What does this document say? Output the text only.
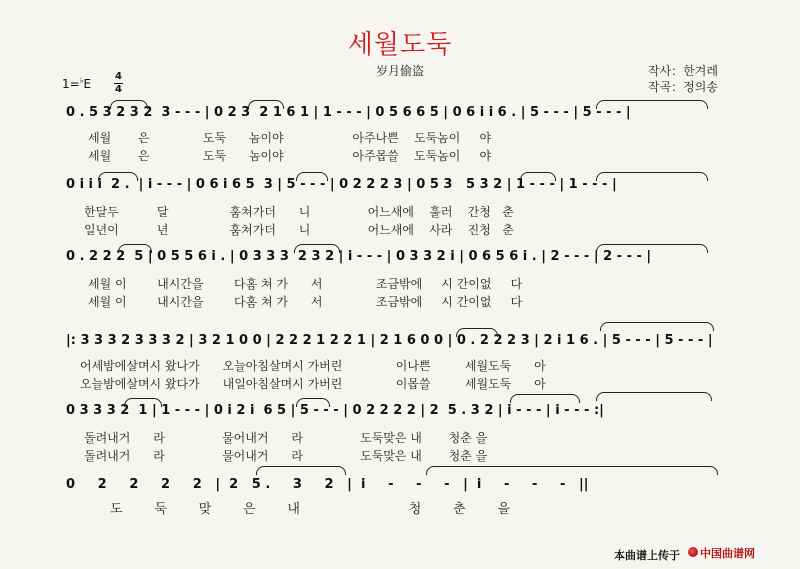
세월도둑
岁月偷盗	작사：한겨레
작곡：정의송
1=♭E
4
4
0 . 5 3 2 3 2  3 - - - | 0 2 3  2 1 6 1 | 1 - - - | 0 5 6 6 5 | 0 6 i i 6 . | 5 - - - | 5 - - - |
세월       은              도둑      놈이야                  아주나쁜    도둑놈이     야
세월       은              도둑      놈이야                  아주몹쓸    도둑놈이     야
0 i i i  2 .  | i - - - | 0 6 i 6 5  3 | 5 - - - | 0 2 2 2 3 | 0 5 3   5 3 2 | 1 - - - | 1 - - - |
한달두          달                훔쳐가더      니               어느새에    훌러    간청   춘
일년이          년                훔쳐가더      니               어느새에    사라    진청   춘
0 . 2 2 2  5 | 0 5 5 6 i . | 0 3 3 3  2 3 2 | i - - - | 0 3 3 2 i | 0 6 5 6 i . | 2 - - - | 2 - - - |
세월 이        내시간을        다홈 쳐 가      서              조금밖에     시 간이없     다
세월 이        내시간을        다홈 쳐 가      서              조금밖에     시 간이없     다
|: 3 3 3 2 3 3 3 2 | 3 2 1 0 0 | 2 2 2 1 2 2 1 | 2 1 6 0 0 | 0 . 2 2 2 3 | 2 i 1 6 . | 5 - - - | 5 - - - |
어세밤에살며시 왔나가      오늘아침살며시 가버린              이나쁜         세월도둑      아
오늘밤에살며시 왔다가      내일아침살며시 가버린              이몹쓸         세월도둑      아
0 3 3 3 2  1 | 1 - - - | 0 i 2 i  6 5 | 5 - - - | 0 2 2 2 2 | 2  5 . 3 2 | i - - - | i - - - :|
돌려내거      라               물어내거      라               도둑맞은 내       청춘 을
돌려내거      라               물어내거      라               도둑맞은 내       청춘 을
0     2     2     2     2   |  2   5 .     3     2   |  i     -     -     -   |  i     -     -     -   ||
도      둑      맞      은      내                     청      춘      을
本曲谱上传于 中国曲谱网
